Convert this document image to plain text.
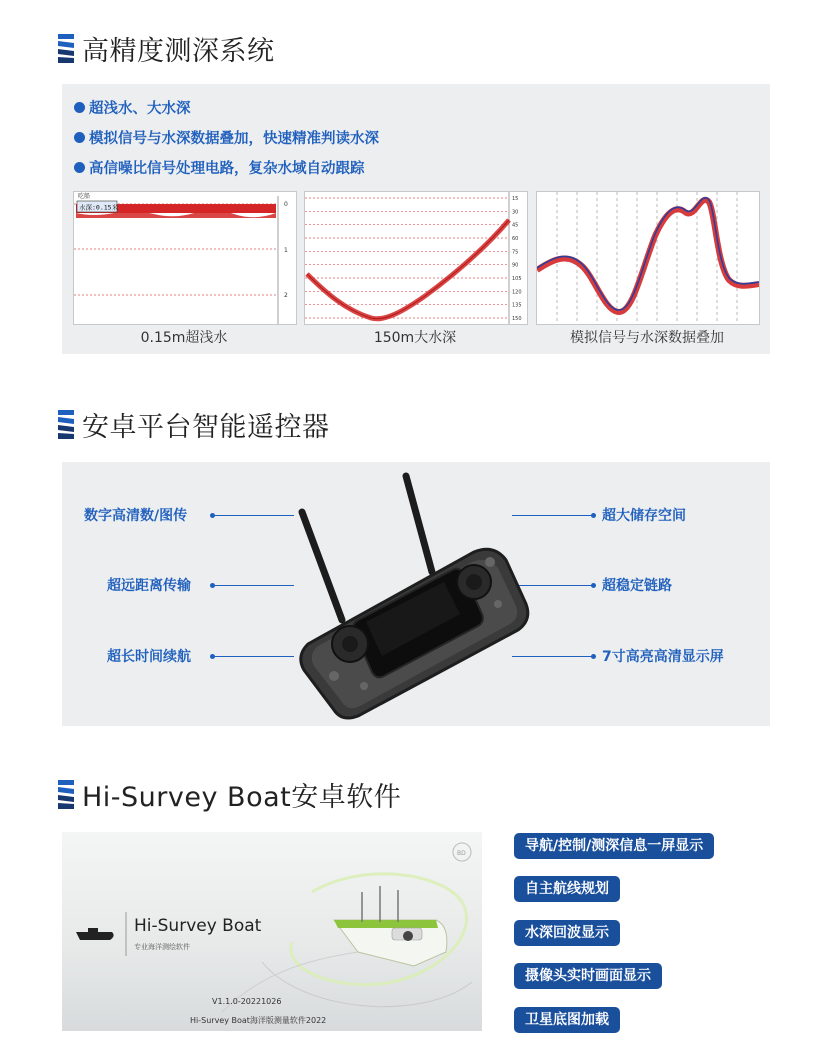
高精度测深系统
超浅水、大水深
模拟信号与水深数据叠加，快速精准判读水深
高信噪比信号处理电路，复杂水域自动跟踪
吃船
水深:0.15米	0
1
2
0.15m超浅水
15
30
45
60
75
90
105
120
135
150
150m大水深	模拟信号与水深数据叠加
安卓平台智能遥控器
数字高清数/图传
超远距离传输
超长时间续航
超大储存空间
超稳定链路
7寸高亮高清显示屏
Hi-Survey Boat安卓软件
BD
Hi-Survey Boat
专业海洋测绘软件
V1.1.0-20221026
Hi-Survey Boat海洋版测量软件2022
导航/控制/测深信息一屏显示
自主航线规划
水深回波显示
摄像头实时画面显示
卫星底图加载
